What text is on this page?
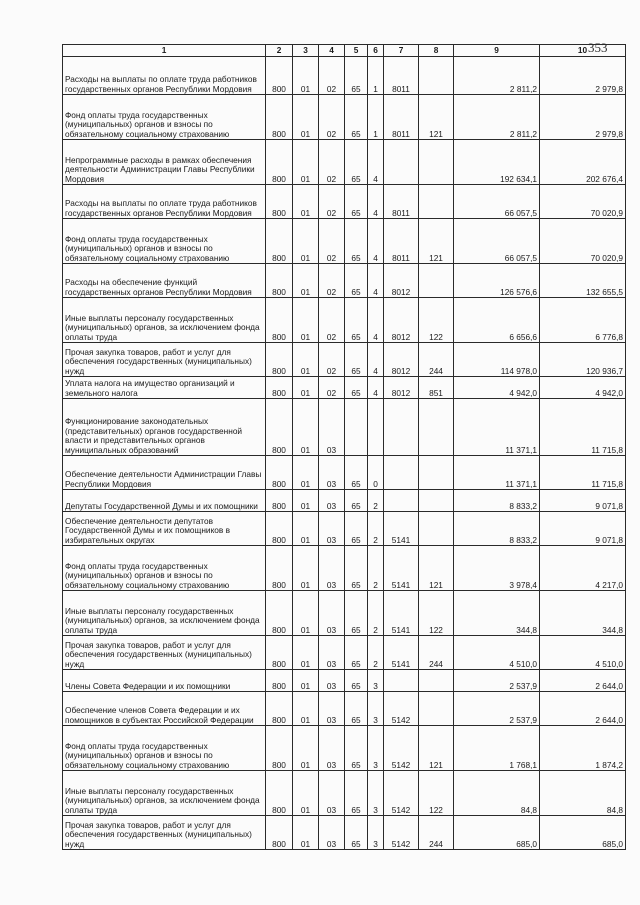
353
1	2	3	4	5	6	7	8	9	10
Расходы на выплаты по оплате труда работников государственных органов Республики Мордовия	800	01	02	65	1	8011		2 811,2	2 979,8
Фонд оплаты труда государственных (муниципальных) органов и взносы по обязательному социальному страхованию	800	01	02	65	1	8011	121	2 811,2	2 979,8
Непрограммные расходы в рамках обеспечения деятельности Администрации Главы Республики Мордовия	800	01	02	65	4			192 634,1	202 676,4
Расходы на выплаты по оплате труда работников государственных органов Республики Мордовия	800	01	02	65	4	8011		66 057,5	70 020,9
Фонд оплаты труда государственных (муниципальных) органов и взносы по обязательному социальному страхованию	800	01	02	65	4	8011	121	66 057,5	70 020,9
Расходы на обеспечение функций государственных органов Республики Мордовия	800	01	02	65	4	8012		126 576,6	132 655,5
Иные выплаты персоналу государственных (муниципальных) органов, за исключением фонда оплаты труда	800	01	02	65	4	8012	122	6 656,6	6 776,8
Прочая закупка товаров, работ и услуг для обеспечения государственных (муниципальных) нужд	800	01	02	65	4	8012	244	114 978,0	120 936,7
Уплата налога на имущество организаций и земельного налога	800	01	02	65	4	8012	851	4 942,0	4 942,0
Функционирование законодательных (представительных) органов государственной власти и представительных органов муниципальных образований	800	01	03					11 371,1	11 715,8
Обеспечение деятельности Администрации Главы Республики Мордовия	800	01	03	65	0			11 371,1	11 715,8
Депутаты Государственной Думы и их помощники	800	01	03	65	2			8 833,2	9 071,8
Обеспечение деятельности депутатов Государственной Думы и их помощников в избирательных округах	800	01	03	65	2	5141		8 833,2	9 071,8
Фонд оплаты труда государственных (муниципальных) органов и взносы по обязательному социальному страхованию	800	01	03	65	2	5141	121	3 978,4	4 217,0
Иные выплаты персоналу государственных (муниципальных) органов, за исключением фонда оплаты труда	800	01	03	65	2	5141	122	344,8	344,8
Прочая закупка товаров, работ и услуг для обеспечения государственных (муниципальных) нужд	800	01	03	65	2	5141	244	4 510,0	4 510,0
Члены Совета Федерации и их помощники	800	01	03	65	3			2 537,9	2 644,0
Обеспечение членов Совета Федерации и их помощников в субъектах Российской Федерации	800	01	03	65	3	5142		2 537,9	2 644,0
Фонд оплаты труда государственных (муниципальных) органов и взносы по обязательному социальному страхованию	800	01	03	65	3	5142	121	1 768,1	1 874,2
Иные выплаты персоналу государственных (муниципальных) органов, за исключением фонда оплаты труда	800	01	03	65	3	5142	122	84,8	84,8
Прочая закупка товаров, работ и услуг для обеспечения государственных (муниципальных) нужд	800	01	03	65	3	5142	244	685,0	685,0
